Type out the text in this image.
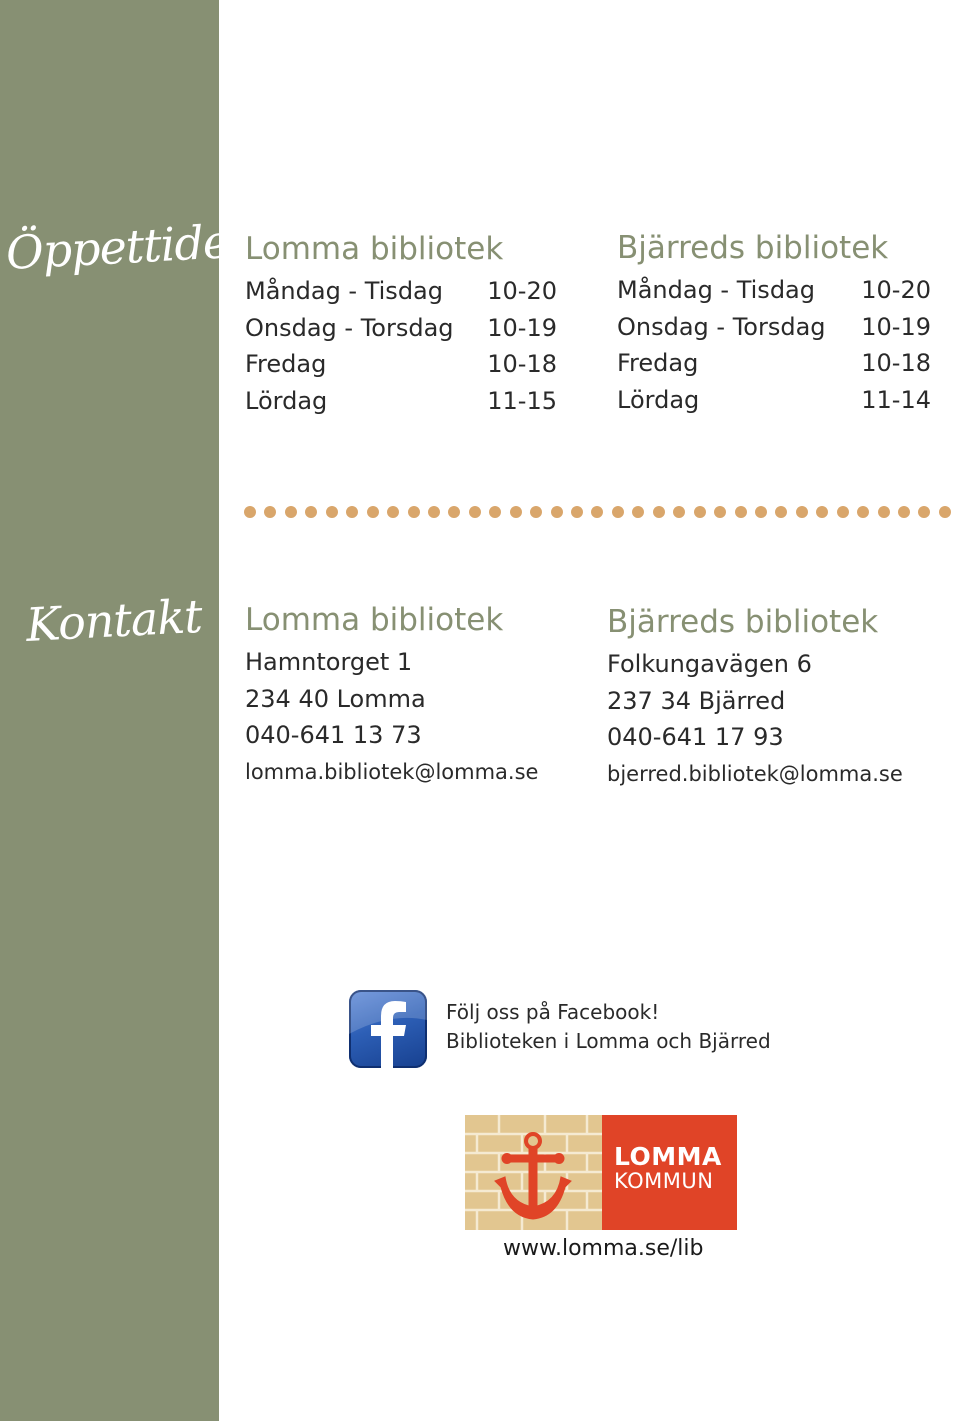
Öppettider
Kontakt
Lomma bibliotek
Måndag - Tisdag 10-20
Onsdag - Torsdag 10-19
Fredag	10-18
Lördag	11-15
Bjärreds bibliotek
Måndag - Tisdag 10-20
Onsdag - Torsdag 10-19
Fredag	10-18
Lördag	11-14
Lomma bibliotek
Hamntorget 1
234 40 Lomma
040-641 13 73
lomma.bibliotek@lomma.se
Bjärreds bibliotek
Folkungavägen 6
237 34 Bjärred
040-641 17 93
bjerred.bibliotek@lomma.se
Följ oss på Facebook!
Biblioteken i Lomma och Bjärred
LOMMA
KOMMUN
www.lomma.se/lib
